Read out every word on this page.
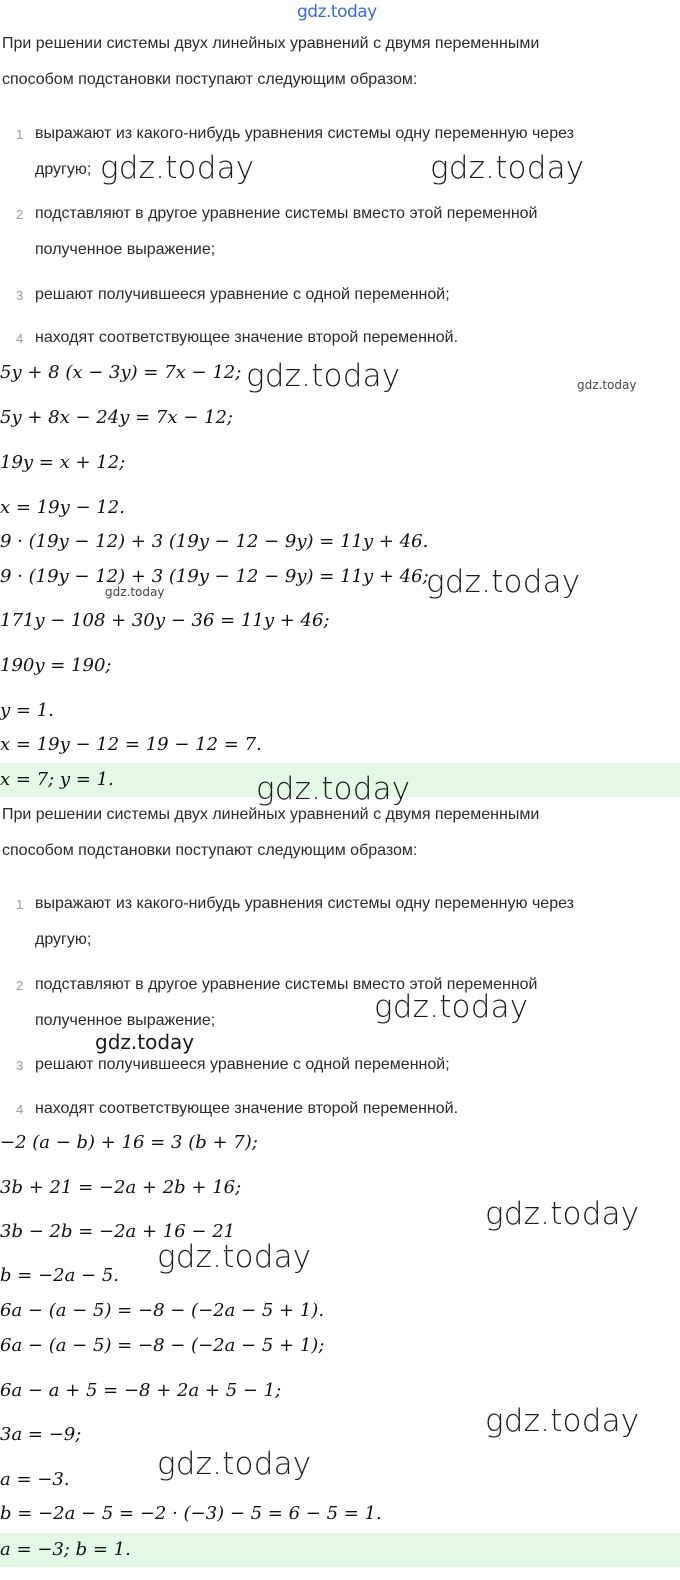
gdz.today
При решении системы двух линейных уравнений с двумя переменными
способом подстановки поступают следующим образом:
1 выражают из какого-нибудь уравнения системы одну переменную через
другую;
2 подставляют в другое уравнение системы вместо этой переменной
полученное выражение;
3 решают получившееся уравнение с одной переменной;
4 находят соответствующее значение второй переменной.
5y + 8 (x − 3y) = 7x − 12;
5y + 8x − 24y = 7x − 12;
19y = x + 12;
x = 19y − 12.
9 · (19y − 12) + 3 (19y − 12 − 9y) = 11y + 46.
9 · (19y − 12) + 3 (19y − 12 − 9y) = 11y + 46;
171y − 108 + 30y − 36 = 11y + 46;
190y = 190;
y = 1.
x = 19y − 12 = 19 − 12 = 7.
x = 7; y = 1.
При решении системы двух линейных уравнений с двумя переменными
способом подстановки поступают следующим образом:
1 выражают из какого-нибудь уравнения системы одну переменную через
другую;
2 подставляют в другое уравнение системы вместо этой переменной
полученное выражение;
3 решают получившееся уравнение с одной переменной;
4 находят соответствующее значение второй переменной.
−2 (a − b) + 16 = 3 (b + 7);
3b + 21 = −2a + 2b + 16;
3b − 2b = −2a + 16 − 21
b = −2a − 5.
6a − (a − 5) = −8 − (−2a − 5 + 1).
6a − (a − 5) = −8 − (−2a − 5 + 1);
6a − a + 5 = −8 + 2a + 5 − 1;
3a = −9;
a = −3.
b = −2a − 5 = −2 · (−3) − 5 = 6 − 5 = 1.
a = −3; b = 1.
gdz.today	gdz.today
gdz.today	gdz.today
gdz.today
gdz.today
gdz.today
gdz.today
gdz.today
gdz.today
gdz.today
gdz.today
gdz.today
